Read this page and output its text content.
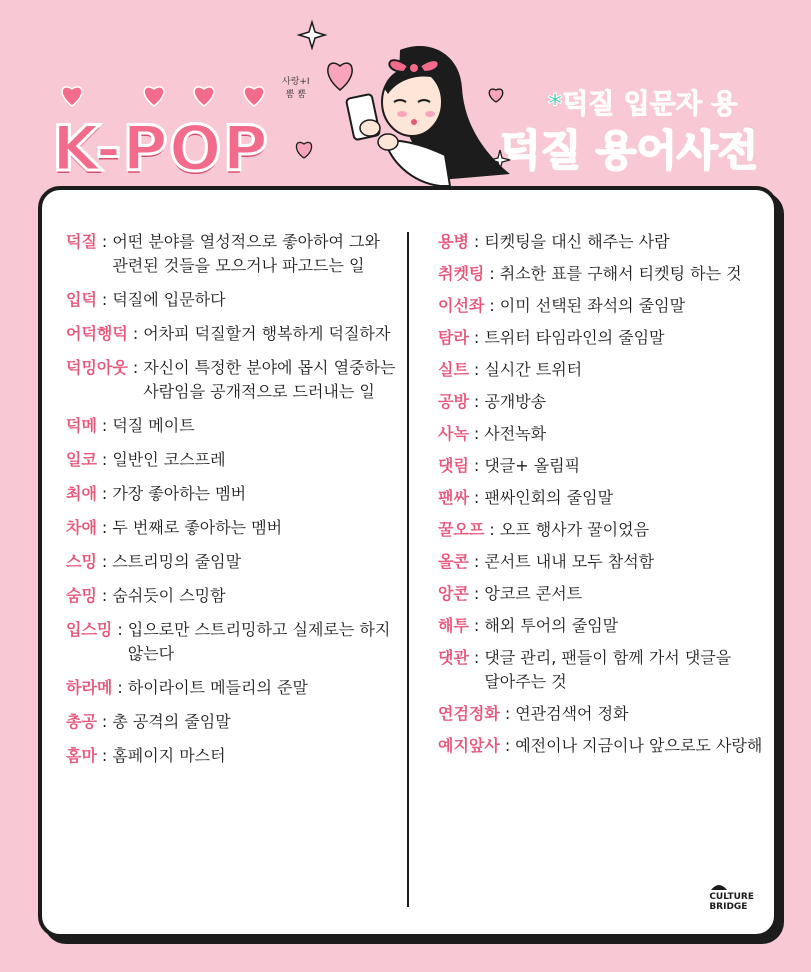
K-POP
사랑+I
뿜 뿜	*덕질 입문자 용
덕질 용어사전
덕질 : 어떤 분야를 열성적으로 좋아하여 그와 관련된 것들을 모으거나 파고드는 일
입덕 : 덕질에 입문하다
어덕행덕 : 어차피 덕질할거 행복하게 덕질하자
덕밍아웃 : 자신이 특정한 분야에 몹시 열중하는 사람임을 공개적으로 드러내는 일
덕메 : 덕질 메이트
일코 : 일반인 코스프레
최애 : 가장 좋아하는 멤버
차애 : 두 번째로 좋아하는 멤버
스밍 : 스트리밍의 줄임말
숨밍 : 숨쉬듯이 스밍함
입스밍 : 입으로만 스트리밍하고 실제로는 하지 않는다
하라메 : 하이라이트 메들리의 준말
총공 : 총 공격의 줄임말
홈마 : 홈페이지 마스터
용병 : 티켓팅을 대신 해주는 사람
취켓팅 : 취소한 표를 구해서 티켓팅 하는 것
이선좌 : 이미 선택된 좌석의 줄임말
탐라 : 트위터 타임라인의 줄임말
실트 : 실시간 트위터
공방 : 공개방송
사녹 : 사전녹화
댓림 : 댓글+ 올림픽
팬싸 : 팬싸인회의 줄임말
꿀오프 : 오프 행사가 꿀이었음
올콘 : 콘서트 내내 모두 참석함
앙콘 : 앙코르 콘서트
해투 : 해외 투어의 줄임말
댓관 : 댓글 관리, 팬들이 함께 가서 댓글을 달아주는 것
연검정화 : 연관검색어 정화
예지앞사 : 예전이나 지금이나 앞으로도 사랑해
CULTURE
BRIDGE
